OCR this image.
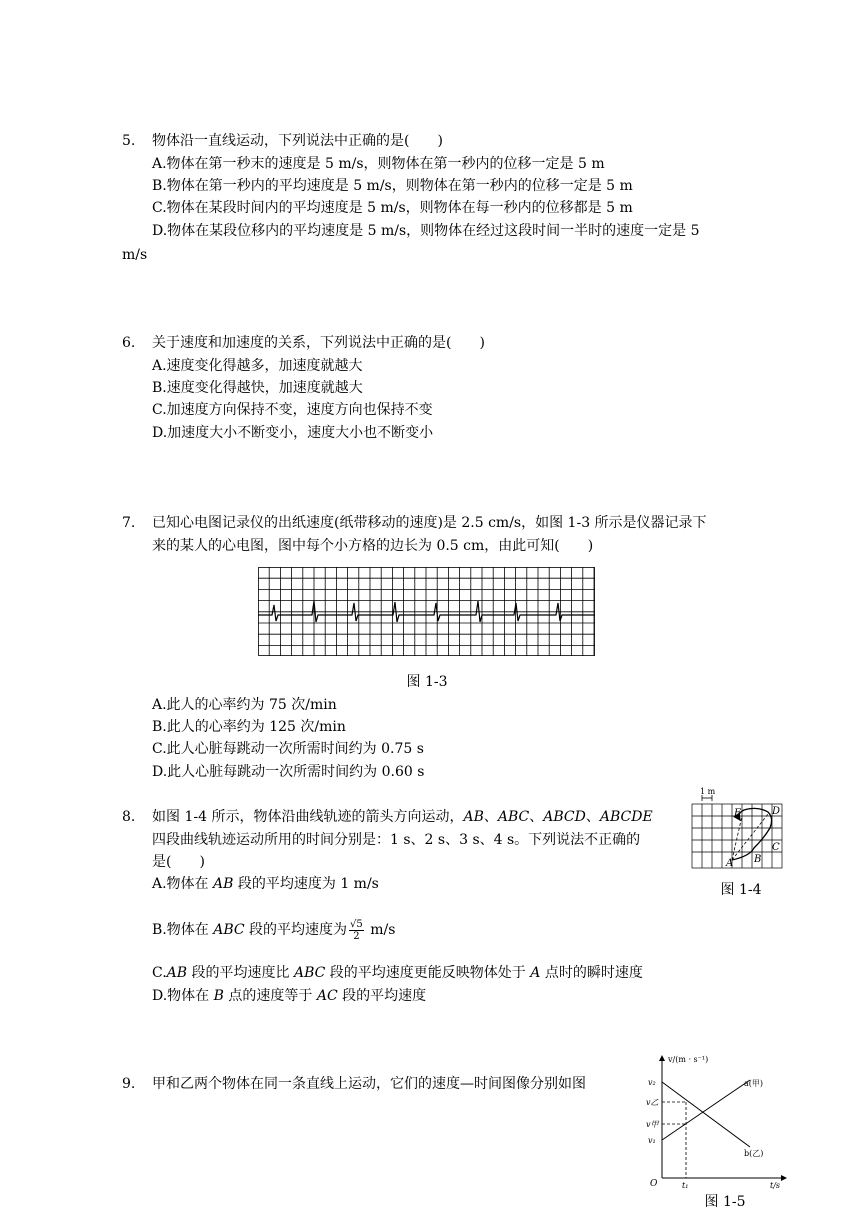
5. 物体沿一直线运动，下列说法中正确的是(　　)
A.物体在第一秒末的速度是 5 m/s，则物体在第一秒内的位移一定是 5 m
B.物体在第一秒内的平均速度是 5 m/s，则物体在第一秒内的位移一定是 5 m
C.物体在某段时间内的平均速度是 5 m/s，则物体在每一秒内的位移都是 5 m
D.物体在某段位移内的平均速度是 5 m/s，则物体在经过这段时间一半时的速度一定是 5
m/s
6. 关于速度和加速度的关系，下列说法中正确的是(　　)
A.速度变化得越多，加速度就越大
B.速度变化得越快，加速度就越大
C.加速度方向保持不变，速度方向也保持不变
D.加速度大小不断变小，速度大小也不断变小
7. 已知心电图记录仪的出纸速度(纸带移动的速度)是 2.5 cm/s，如图 1-3 所示是仪器记录下
来的某人的心电图，图中每个小方格的边长为 0.5 cm，由此可知(　　)
图 1-3
A.此人的心率约为 75 次/min
B.此人的心率约为 125 次/min
C.此人心脏每跳动一次所需时间约为 0.75 s
D.此人心脏每跳动一次所需时间约为 0.60 s
8. 如图 1-4 所示，物体沿曲线轨迹的箭头方向运动，AB、ABC、ABCD、ABCDE
四段曲线轨迹运动所用的时间分别是：1 s、2 s、3 s、4 s。下列说法不正确的
是(　　)
A.物体在 AB 段的平均速度为 1 m/s
B.物体在 ABC 段的平均速度为 $\frac{√5}{2} m/s$
C.AB 段的平均速度比 ABC 段的平均速度更能反映物体处于 A 点时的瞬时速度
D.物体在 B 点的速度等于 AC 段的平均速度
1 m
A B
C
D
E
图 1-4
9. 甲和乙两个物体在同一条直线上运动，它们的速度—时间图像分别如图
v/(m · s⁻¹)
t/s
O
v₂
v乙
v甲
v₁
t₁
a(甲)
b(乙)
图 1-5
